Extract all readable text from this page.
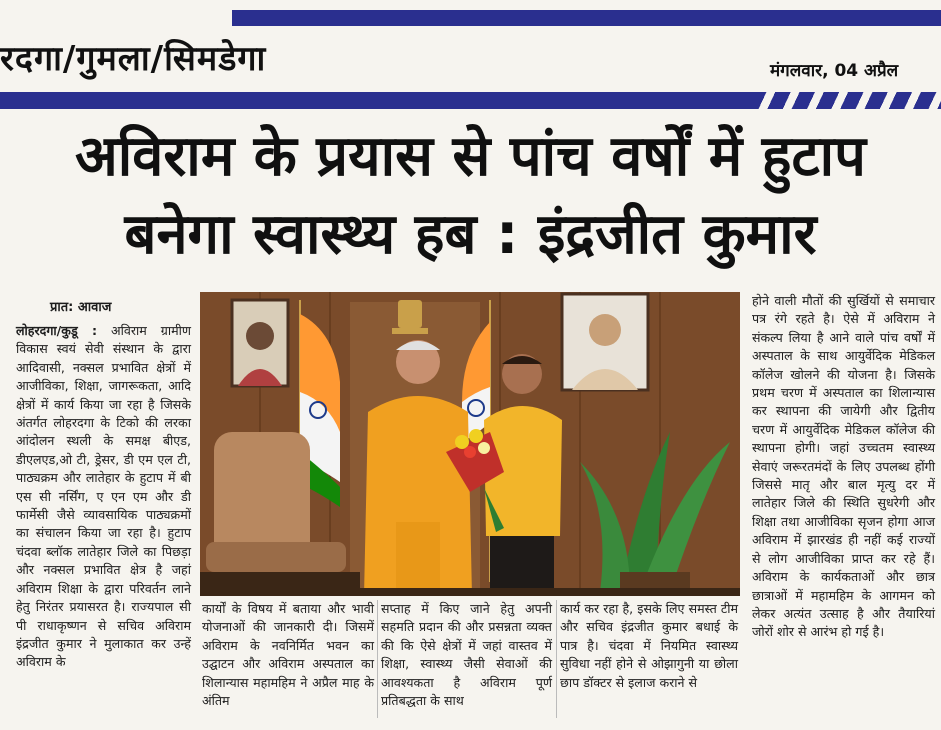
रदगा/गुमला/सिमडेगा	मंगलवार, 04 अप्रैल
अविराम के प्रयास से पांच वर्षों में हुटाप
बनेगा स्वास्थ्य हब : इंद्रजीत कुमार
प्रात: आवाज

लोहरदगा/कुडू : अविराम ग्रामीण विकास स्वयं सेवी संस्थान के द्वारा आदिवासी, नक्सल प्रभावित क्षेत्रों में आजीविका, शिक्षा, जागरूकता, आदि क्षेत्रों में कार्य किया जा रहा है जिसके अंतर्गत लोहरदगा के टिको की लरका आंदोलन स्थली के समक्ष बीएड, डीएलएड,ओ टी, ड्रेसर, डी एम एल टी, पाठ्यक्रम और लातेहार के हुटाप में बी एस सी नर्सिंग, ए एन एम और डी फार्मेसी जैसे व्यावसायिक पाठ्यक्रमों का संचालन किया जा रहा है। हुटाप चंदवा ब्लॉक लातेहार जिले का पिछड़ा और नक्सल प्रभावित क्षेत्र है जहां अविराम शिक्षा के द्वारा परिवर्तन लाने हेतु निरंतर प्रयासरत है। राज्यपाल सी पी राधाकृष्णन से सचिव अविराम इंद्रजीत कुमार ने मुलाकात कर उन्हें अविराम के

कार्यों के विषय में बताया और भावी योजनाओं की जानकारी दी। जिसमें अविराम के नवनिर्मित भवन का उद्घाटन और अविराम अस्पताल का शिलान्यास महामहिम ने अप्रैल माह के अंतिम

सप्ताह में किए जाने हेतु अपनी सहमति प्रदान की और प्रसन्नता व्यक्त की कि ऐसे क्षेत्रों में जहां वास्तव में शिक्षा, स्वास्थ्य जैसी सेवाओं की आवश्यकता है अविराम पूर्ण प्रतिबद्धता के साथ

कार्य कर रहा है, इसके लिए समस्त टीम और सचिव इंद्रजीत कुमार बधाई के पात्र है। चंदवा में नियमित स्वास्थ्य सुविधा नहीं होने से ओझागुनी या छोला छाप डॉक्टर से इलाज कराने से

होने वाली मौतों की सुर्खियों से समाचार पत्र रंगे रहते है। ऐसे में अविराम ने संकल्प लिया है आने वाले पांच वर्षों में अस्पताल के साथ आयुर्वेदिक मेडिकल कॉलेज खोलने की योजना है। जिसके प्रथम चरण में अस्पताल का शिलान्यास कर स्थापना की जायेगी और द्वितीय चरण में आयुर्वेदिक मेडिकल कॉलेज की स्थापना होगी। जहां उच्चतम स्वास्थ्य सेवाएं जरूरतमंदों के लिए उपलब्ध होंगी जिससे मातृ और बाल मृत्यु दर में लातेहार जिले की स्थिति सुधरेगी और शिक्षा तथा आजीविका सृजन होगा आज अविराम में झारखंड ही नहीं कई राज्यों से लोग आजीविका प्राप्त कर रहे हैं। अविराम के कार्यकताओं और छात्र छात्राओं में महामहिम के आगमन को लेकर अत्यंत उत्साह है और तैयारियां जोरों शोर से आरंभ हो गई है।
